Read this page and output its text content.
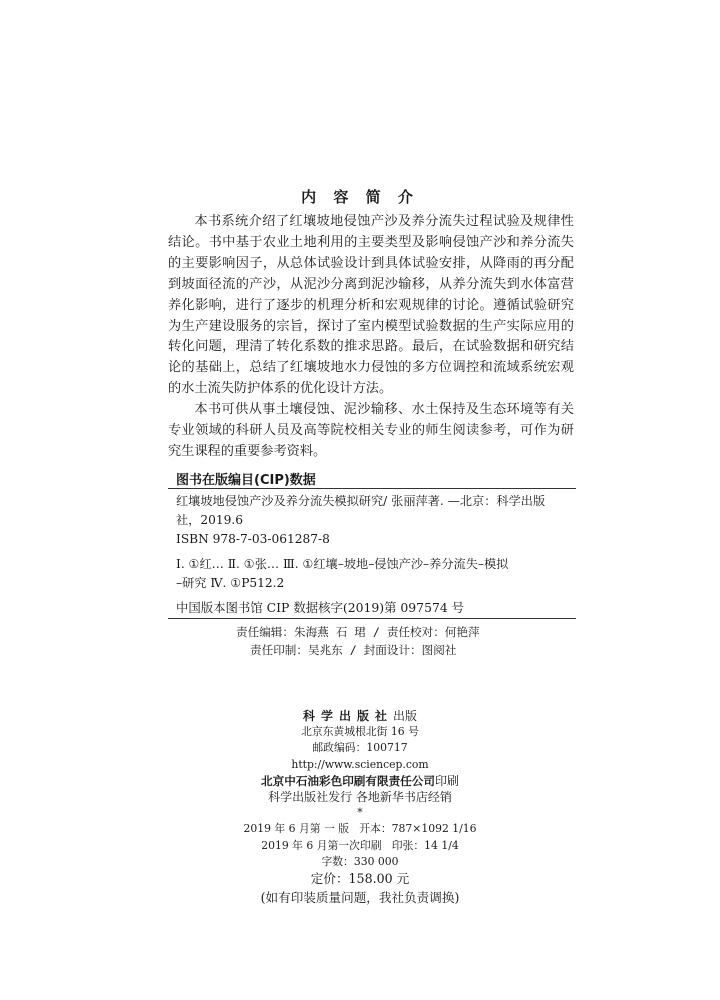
内 容 简 介

本书系统介绍了红壤坡地侵蚀产沙及养分流失过程试验及规律性结论。书中基于农业土地利用的主要类型及影响侵蚀产沙和养分流失的主要影响因子，从总体试验设计到具体试验安排，从降雨的再分配到坡面径流的产沙，从泥沙分离到泥沙输移，从养分流失到水体富营养化影响，进行了逐步的机理分析和宏观规律的讨论。遵循试验研究为生产建设服务的宗旨，探讨了室内模型试验数据的生产实际应用的转化问题，理清了转化系数的推求思路。最后，在试验数据和研究结论的基础上，总结了红壤坡地水力侵蚀的多方位调控和流域系统宏观的水土流失防护体系的优化设计方法。

本书可供从事土壤侵蚀、泥沙输移、水土保持及生态环境等有关专业领域的科研人员及高等院校相关专业的师生阅读参考，可作为研究生课程的重要参考资料。

图书在版编目(CIP)数据
红壤坡地侵蚀产沙及养分流失模拟研究/ 张丽萍著. —北京：科学出版
社，2019.6
ISBN 978-7-03-061287-8
Ⅰ. ①红… Ⅱ. ①张… Ⅲ. ①红壤–坡地–侵蚀产沙–养分流失–模拟
–研究 Ⅳ. ①P512.2
中国版本图书馆 CIP 数据核字(2019)第 097574 号
责任编辑：朱海燕 石 珺 / 责任校对：何艳萍
责任印制：吴兆东 / 封面设计：图阅社
科学出版社出版
北京东黄城根北街 16 号
邮政编码：100717
http://www.sciencep.com
北京中石油彩色印刷有限责任公司印刷
科学出版社发行 各地新华书店经销
*
2019 年 6 月第 一 版 开本：787×1092 1/16
2019 年 6 月第一次印刷 印张：14 1/4
字数：330 000
定价：158.00 元
(如有印装质量问题，我社负责调换)
